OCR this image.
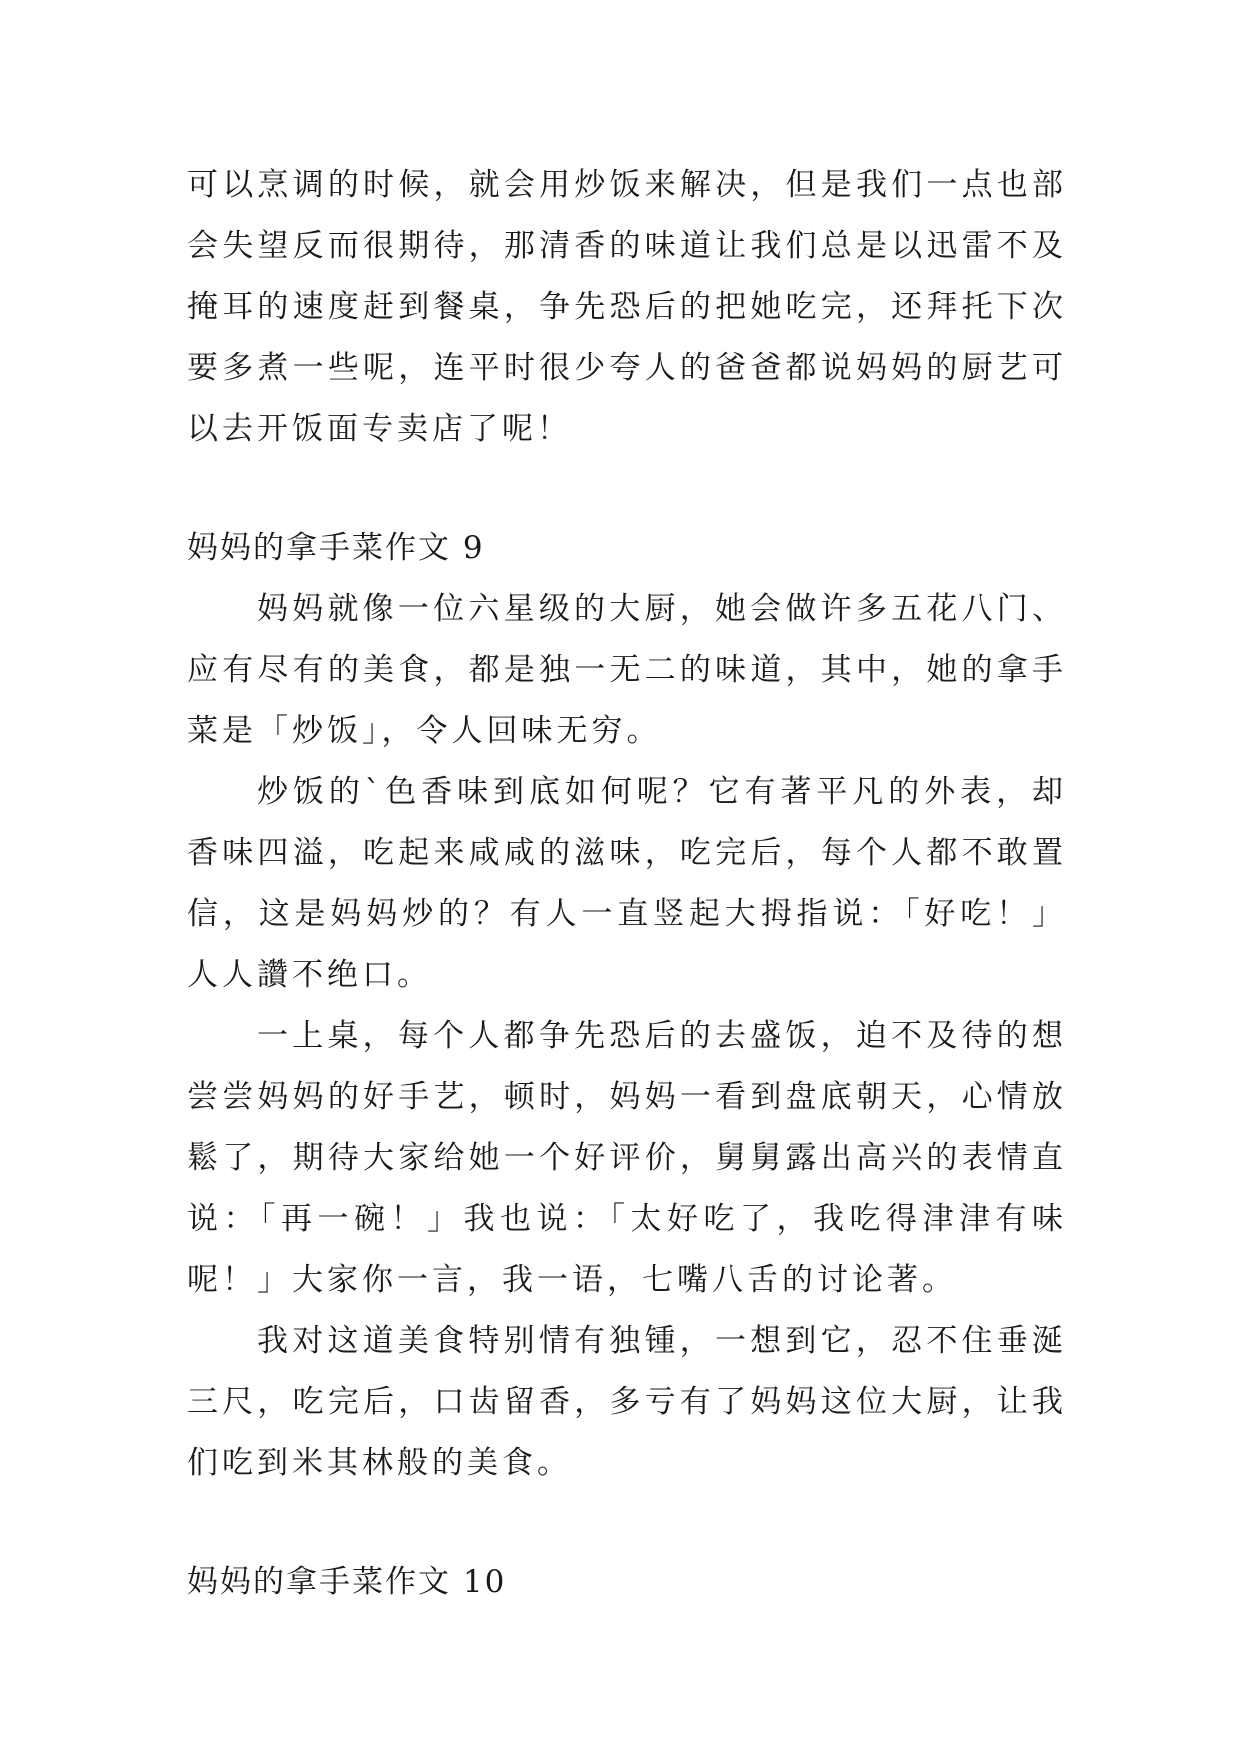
可以烹调的时候，就会用炒饭来解决，但是我们一点也部会失望反而很期待，那清香的味道让我们总是以迅雷不及掩耳的速度赶到餐桌，争先恐后的把她吃完，还拜托下次要多煮一些呢，连平时很少夸人的爸爸都说妈妈的厨艺可以去开饭面专卖店了呢！

妈妈的拿手菜作文 9

妈妈就像一位六星级的大厨，她会做许多五花八门、应有尽有的美食，都是独一无二的味道，其中，她的拿手菜是「炒饭」，令人回味无穷。

炒饭的`色香味到底如何呢？它有著平凡的外表，却香味四溢，吃起来咸咸的滋味，吃完后，每个人都不敢置信，这是妈妈炒的？有人一直竖起大拇指说：「好吃！」人人讚不绝口。

一上桌，每个人都争先恐后的去盛饭，迫不及待的想尝尝妈妈的好手艺，顿时，妈妈一看到盘底朝天，心情放鬆了，期待大家给她一个好评价，舅舅露出高兴的表情直说：「再一碗！」我也说：「太好吃了，我吃得津津有味呢！」大家你一言，我一语，七嘴八舌的讨论著。

我对这道美食特别情有独锺，一想到它，忍不住垂涎三尺，吃完后，口齿留香，多亏有了妈妈这位大厨，让我们吃到米其林般的美食。

妈妈的拿手菜作文 10
